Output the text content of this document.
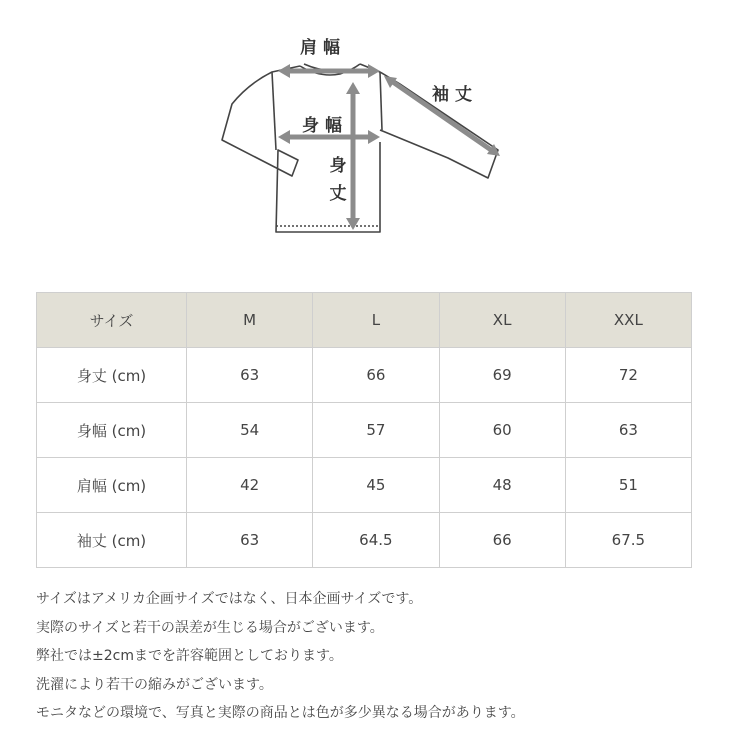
肩幅
袖丈
身幅
身丈
サイズ	M	L	XL	XXL
身丈 (cm)	63	66	69	72
身幅 (cm)	54	57	60	63
肩幅 (cm)	42	45	48	51
袖丈 (cm)	63	64.5	66	67.5
サイズはアメリカ企画サイズではなく、日本企画サイズです。
実際のサイズと若干の誤差が生じる場合がございます。
弊社では±2cmまでを許容範囲としております。
洗濯により若干の縮みがございます。
モニタなどの環境で、写真と実際の商品とは色が多少異なる場合があります。
